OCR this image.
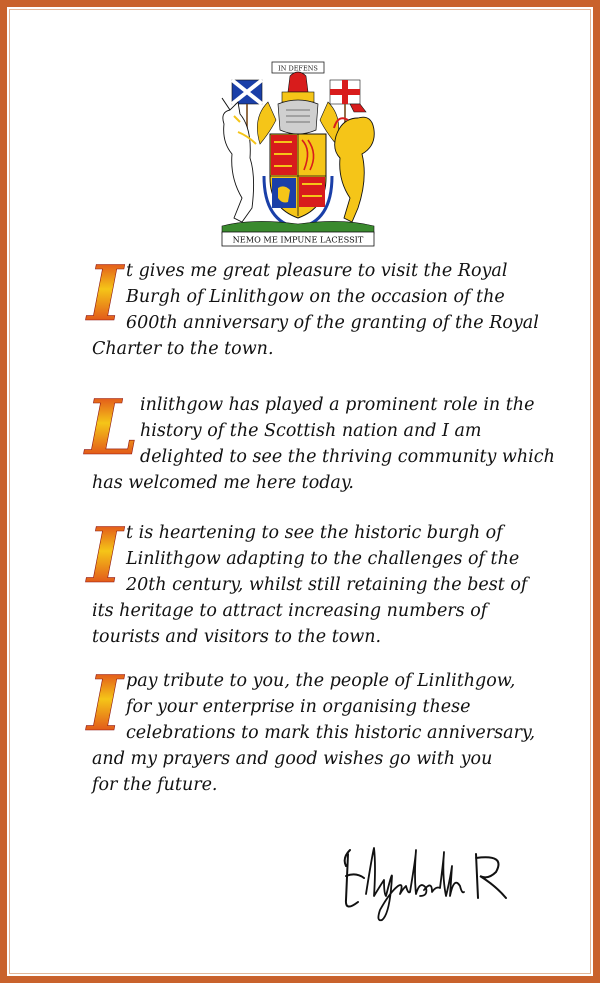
IN DEFENS
NEMO ME IMPUNE LACESSIT
I t gives me great pleasure to visit the Royal
Burgh of Linlithgow on the occasion of the
600th anniversary of the granting of the Royal
Charter to the town.
L inlithgow has played a prominent role in the
history of the Scottish nation and I am
delighted to see the thriving community which
has welcomed me here today.
I t is heartening to see the historic burgh of
Linlithgow adapting to the challenges of the
20th century, whilst still retaining the best of
its heritage to attract increasing numbers of
tourists and visitors to the town.
I pay tribute to you, the people of Linlithgow,
for your enterprise in organising these
celebrations to mark this historic anniversary,
and my prayers and good wishes go with you
for the future.
